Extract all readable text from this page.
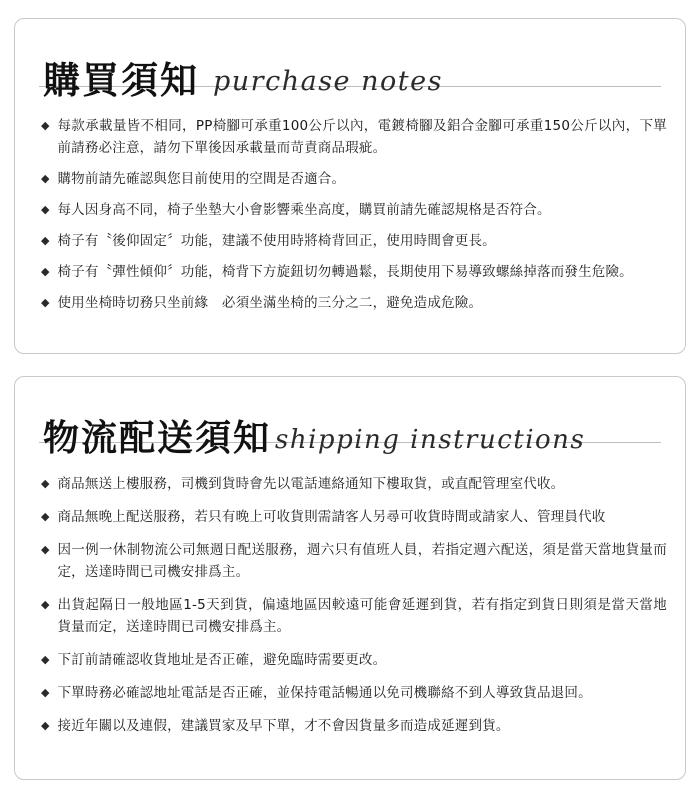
購買須知 purchase notes
◆ 每款承載量皆不相同，PP椅腳可承重100公斤以內，電鍍椅腳及鋁合金腳可承重150公斤以內，下單前請務必注意，請勿下單後因承載量而苛責商品瑕疵。
◆ 購物前請先確認與您目前使用的空間是否適合。
◆ 每人因身高不同，椅子坐墊大小會影響乘坐高度，購買前請先確認規格是否符合。
◆ 椅子有〝後仰固定〞功能，建議不使用時將椅背回正，使用時間會更長。
◆ 椅子有〝彈性傾仰〞功能，椅背下方旋鈕切勿轉過鬆，長期使用下易導致螺絲掉落而發生危險。
◆ 使用坐椅時切務只坐前緣　必須坐滿坐椅的三分之二，避免造成危險。
物流配送須知 shipping instructions
◆ 商品無送上樓服務，司機到貨時會先以電話連絡通知下樓取貨，或直配管理室代收。
◆ 商品無晚上配送服務，若只有晚上可收貨則需請客人另尋可收貨時間或請家人、管理員代收
◆ 因一例一休制物流公司無週日配送服務，週六只有值班人員，若指定週六配送，須是當天當地貨量而定，送達時間已司機安排爲主。
◆ 出貨起隔日一般地區1-5天到貨，偏遠地區因較遠可能會延遲到貨，若有指定到貨日則須是當天當地貨量而定，送達時間已司機安排爲主。
◆ 下訂前請確認收貨地址是否正確，避免臨時需要更改。
◆ 下單時務必確認地址電話是否正確，並保持電話暢通以免司機聯絡不到人導致貨品退回。
◆ 接近年關以及連假，建議買家及早下單，才不會因貨量多而造成延遲到貨。
